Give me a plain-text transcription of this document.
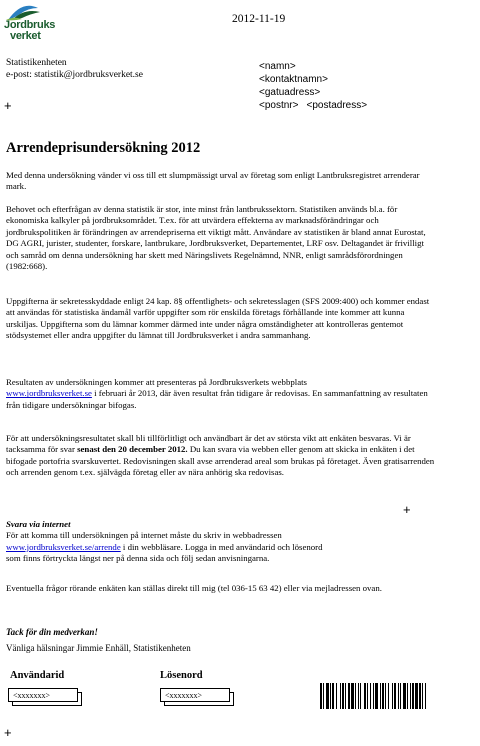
Jordbruks
verket
2012-11-19
Statistikenheten
e-post: statistik@jordbruksverket.se
<namn>
<kontaktnamn>
<gatuadress>
<postnr> <postadress>
+
Arrendeprisundersökning 2012

Med denna undersökning vänder vi oss till ett slumpmässigt urval av företag som enligt Lantbruksregistret arrenderar mark.

Behovet och efterfrågan av denna statistik är stor, inte minst från lantbrukssektorn. Statistiken används bl.a. för ekonomiska kalkyler på jordbruksområdet. T.ex. för att utvärdera effekterna av marknadsförändringar och jordbrukspolitiken är förändringen av arrendepriserna ett viktigt mått. Användare av statistiken är bland annat Eurostat, DG AGRI, jurister, studenter, forskare, lantbrukare, Jordbruksverket, Departementet, LRF osv. Deltagandet är frivilligt och samråd om denna undersökning har skett med Näringslivets Regelnämnd, NNR, enligt samrådsförordningen (1982:668).

Uppgifterna är sekretesskyddade enligt 24 kap. 8§ offentlighets- och sekretesslagen (SFS 2009:400) och kommer endast att användas för statistiska ändamål varför uppgifter som rör enskilda företags förhållande inte kommer att kunna urskiljas. Uppgifterna som du lämnar kommer därmed inte under några omständigheter att kontrolleras gentemot stödsystemet eller andra uppgifter du lämnat till Jordbruksverket i andra sammanhang.

Resultaten av undersökningen kommer att presenteras på Jordbruksverkets webbplats
www.jordbruksverket.se i februari år 2013, där även resultat från tidigare år redovisas. En sammanfattning av resultaten från tidigare undersökningar bifogas.

För att undersökningsresultatet skall bli tillförlitligt och användbart är det av största vikt att enkäten besvaras. Vi är tacksamma för svar senast den 20 december 2012. Du kan svara via webben eller genom att skicka in enkäten i det bifogade portofria svarskuvertet. Redovisningen skall avse arrenderad areal som brukas på företaget. Även gratisarrenden och arrenden genom t.ex. självägda företag eller av nära anhörig ska redovisas.

+

Svara via internet
För att komma till undersökningen på internet måste du skriv in webbadressen
www.jordbruksverket.se/arrende i din webbläsare. Logga in med användarid och lösenord
som finns förtryckta längst ner på denna sida och följ sedan anvisningarna.

Eventuella frågor rörande enkäten kan ställas direkt till mig (tel 036-15 63 42) eller via mejladressen ovan.

Tack för din medverkan!
Vänliga hälsningar Jimmie Enhäll, Statistikenheten
Användarid
<xxxxxxx>
Lösenord
<xxxxxxx>
+
